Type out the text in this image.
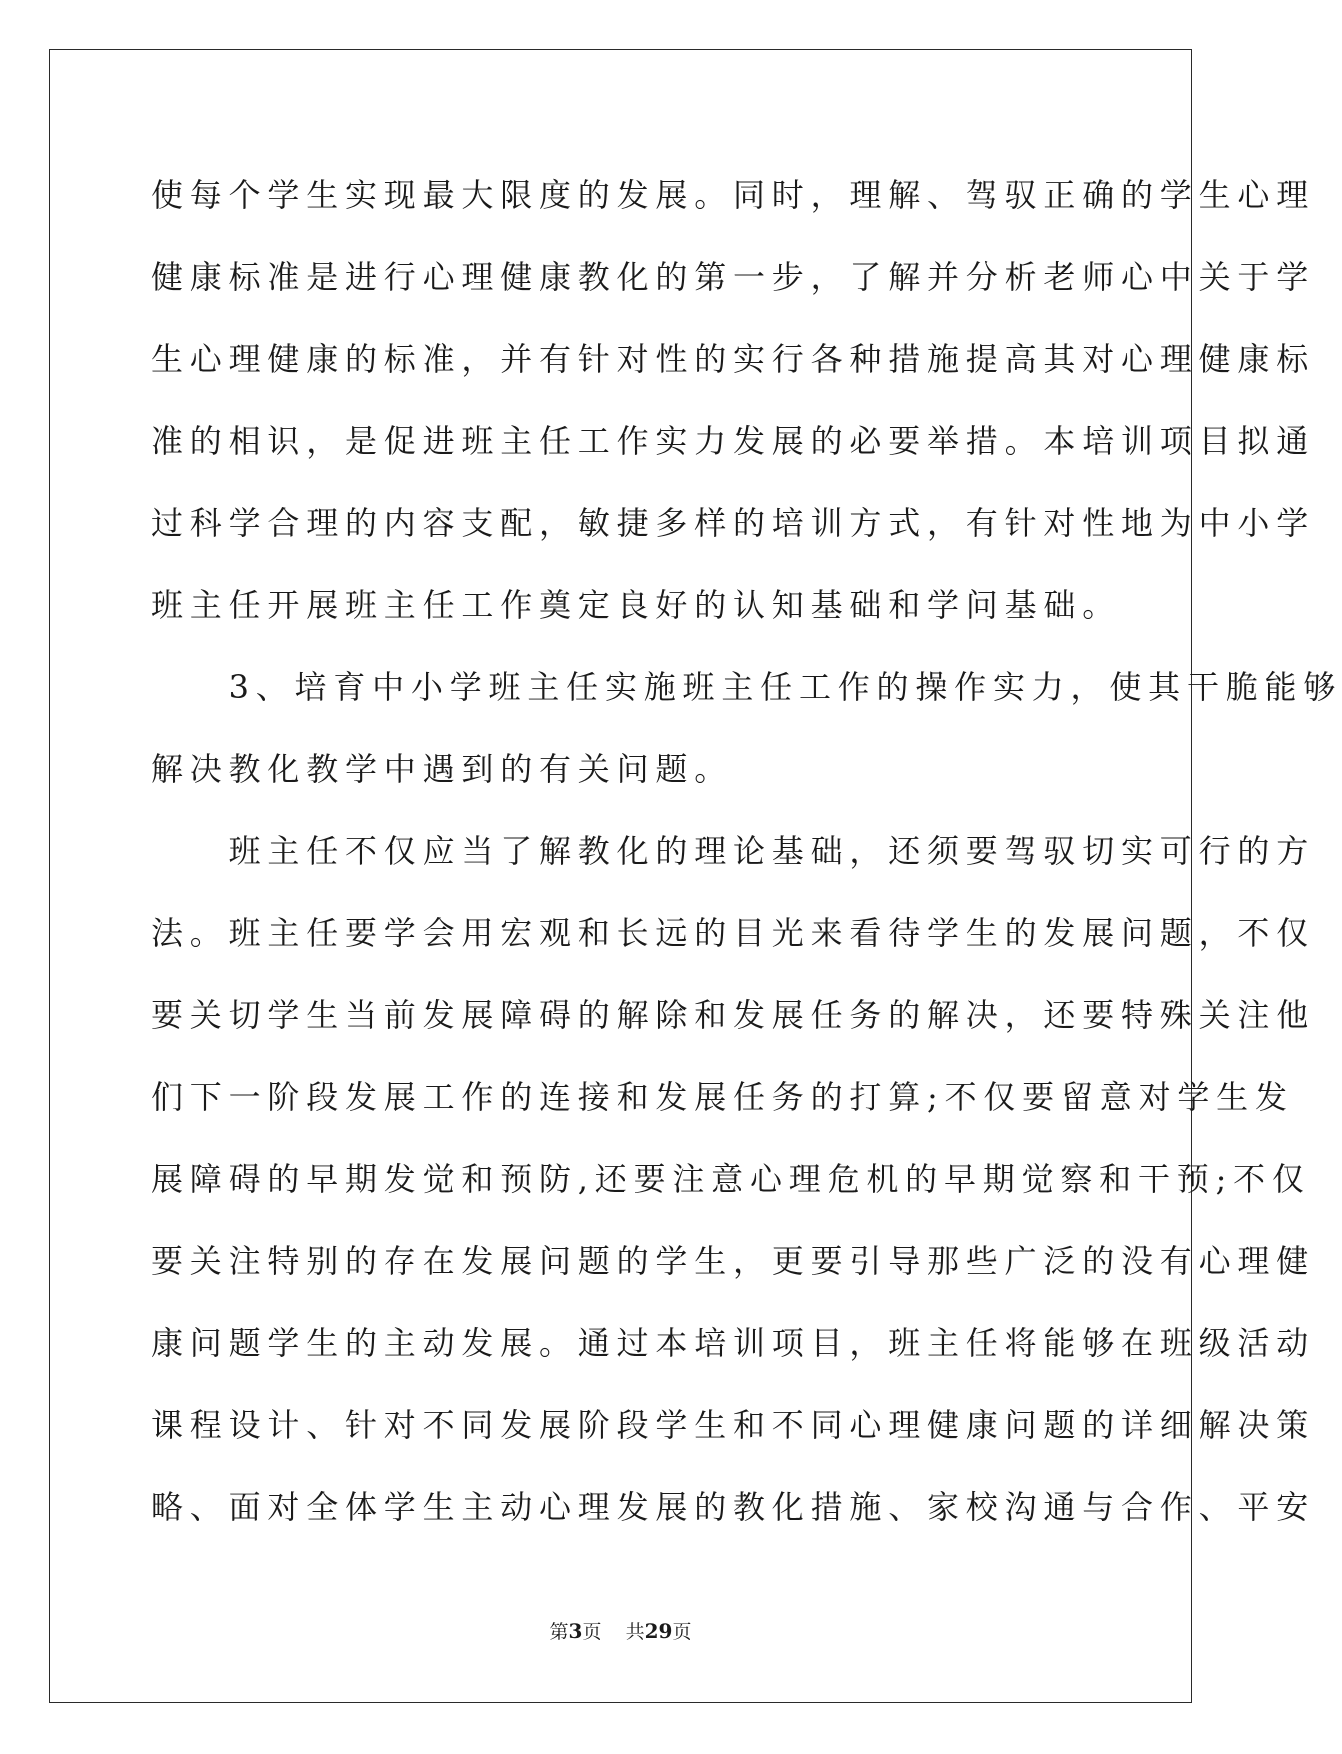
使每个学生实现最大限度的发展。同时，理解、驾驭正确的学生心理
健康标准是进行心理健康教化的第一步，了解并分析老师心中关于学
生心理健康的标准，并有针对性的实行各种措施提高其对心理健康标
准的相识，是促进班主任工作实力发展的必要举措。本培训项目拟通
过科学合理的内容支配，敏捷多样的培训方式，有针对性地为中小学
班主任开展班主任工作奠定良好的认知基础和学问基础。
　　3、培育中小学班主任实施班主任工作的操作实力，使其干脆能够
解决教化教学中遇到的有关问题。
　　班主任不仅应当了解教化的理论基础，还须要驾驭切实可行的方
法。班主任要学会用宏观和长远的目光来看待学生的发展问题，不仅
要关切学生当前发展障碍的解除和发展任务的解决，还要特殊关注他
们下一阶段发展工作的连接和发展任务的打算;不仅要留意对学生发
展障碍的早期发觉和预防,还要注意心理危机的早期觉察和干预;不仅
要关注特别的存在发展问题的学生，更要引导那些广泛的没有心理健
康问题学生的主动发展。通过本培训项目，班主任将能够在班级活动
课程设计、针对不同发展阶段学生和不同心理健康问题的详细解决策
略、面对全体学生主动心理发展的教化措施、家校沟通与合作、平安
第3页 共29页
